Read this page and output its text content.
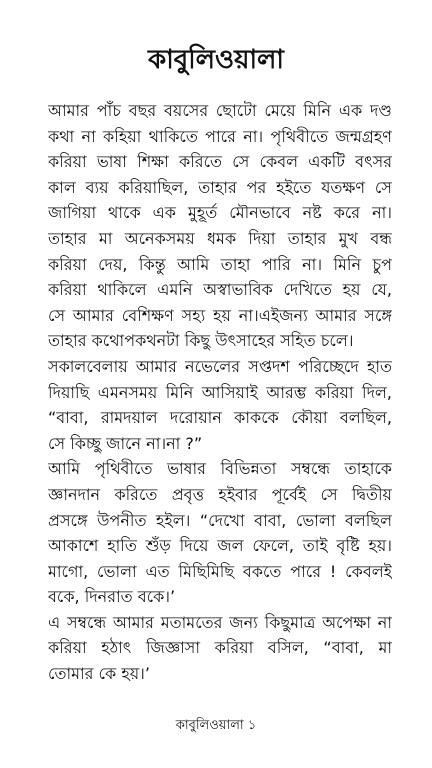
কাবুলিওয়ালা
আমার পাঁচ বছর বয়সের ছোটো মেয়ে মিনি এক দণ্ড
কথা না কহিয়া থাকিতে পারে না। পৃথিবীতে জন্মগ্রহণ
করিয়া ভাষা শিক্ষা করিতে সে কেবল একটি বৎসর
কাল ব্যয় করিয়াছিল, তাহার পর হইতে যতক্ষণ সে
জাগিয়া থাকে এক মুহূর্ত মৌনভাবে নষ্ট করে না।
তাহার মা অনেকসময় ধমক দিয়া তাহার মুখ বন্ধ
করিয়া দেয়, কিন্তু আমি তাহা পারি না। মিনি চুপ
করিয়া থাকিলে এমনি অস্বাভাবিক দেখিতে হয় যে,
সে আমার বেশিক্ষণ সহ্য হয় না।এইজন্য আমার সঙ্গে
তাহার কথোপকথনটা কিছু উৎসাহের সহিত চলে।
সকালবেলায় আমার নভেলের সপ্তদশ পরিচ্ছেদে হাত
দিয়াছি এমনসময় মিনি আসিয়াই আরম্ভ করিয়া দিল,
“বাবা, রামদয়াল দরোয়ান কাককে কৌয়া বলছিল,
সে কিচ্ছু জানে না।না ?”
আমি পৃথিবীতে ভাষার বিভিন্নতা সম্বন্ধে তাহাকে
জ্ঞানদান করিতে প্রবৃত্ত হইবার পূর্বেই সে দ্বিতীয়
প্রসঙ্গে উপনীত হইল। “দেখো বাবা, ভোলা বলছিল
আকাশে হাতি শুঁড় দিয়ে জল ফেলে, তাই বৃষ্টি হয়।
মাগো, ভোলা এত মিছিমিছি বকতে পারে ! কেবলই
বকে, দিনরাত বকে।’
এ সম্বন্ধে আমার মতামতের জন্য কিছুমাত্র অপেক্ষা না
করিয়া হঠাৎ জিজ্ঞাসা করিয়া বসিল, “বাবা, মা
তোমার কে হয়।’
কাবুলিওয়ালা ১
